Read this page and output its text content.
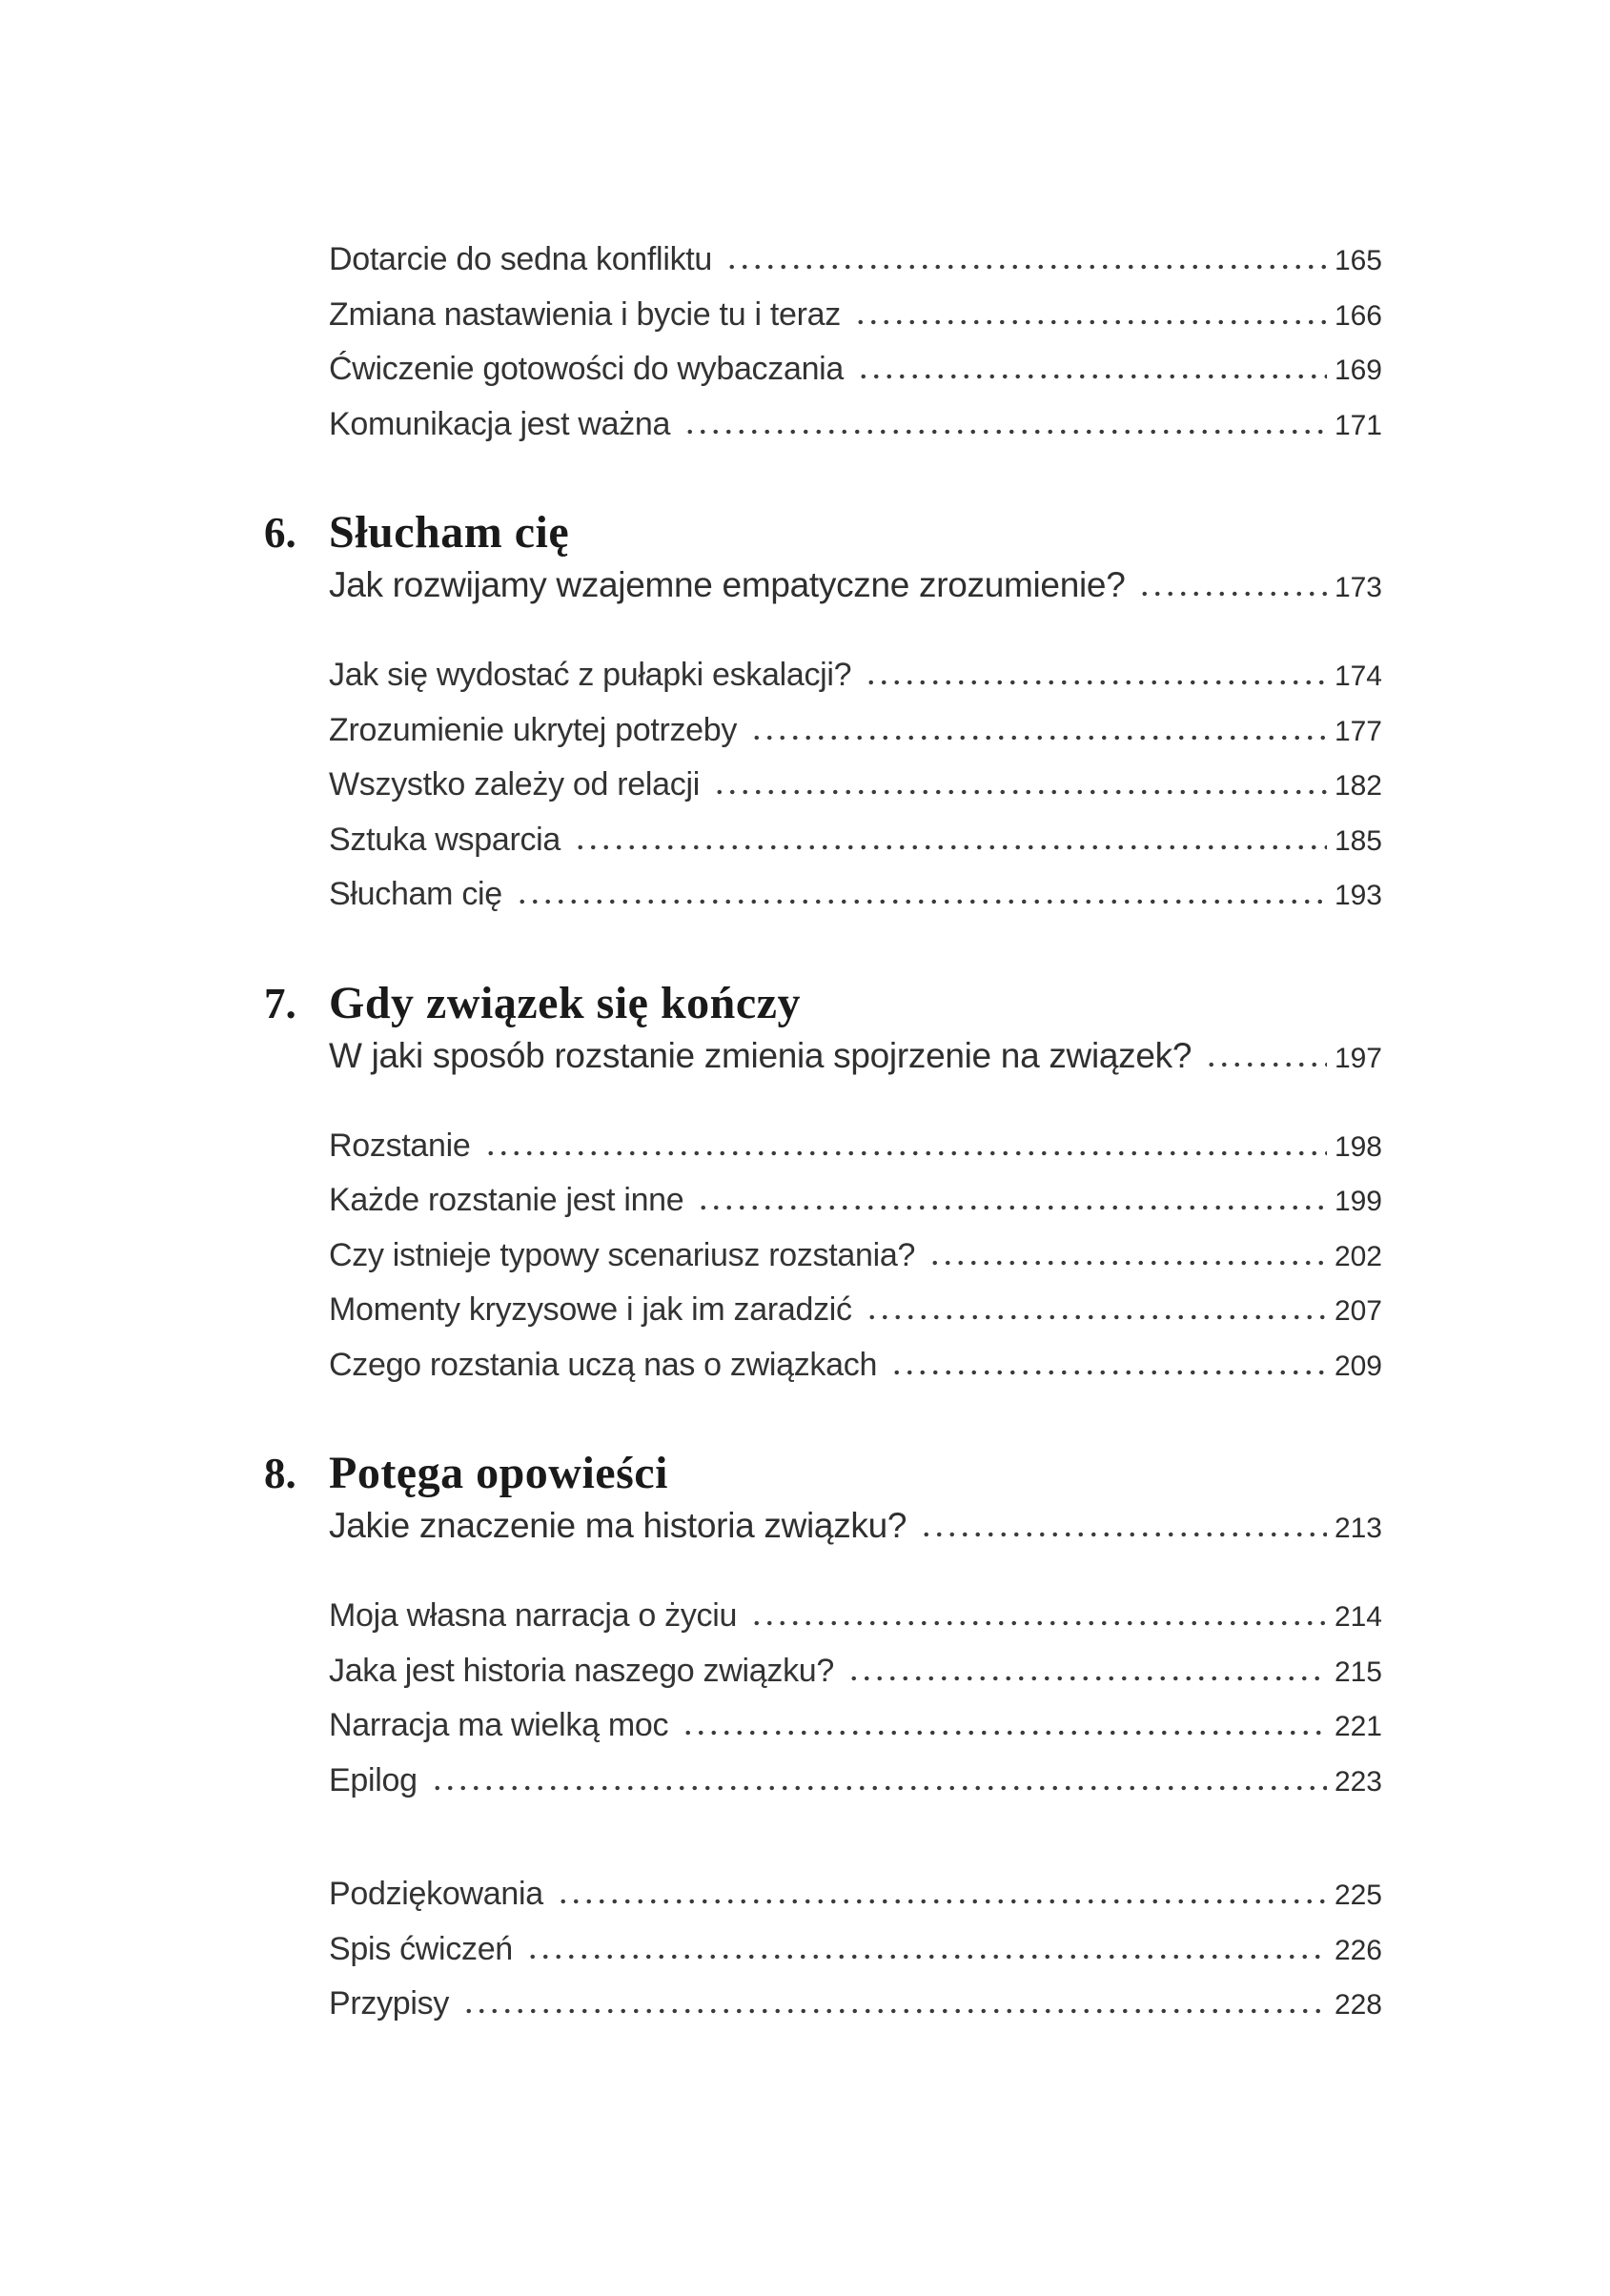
Dotarcie do sedna konfliktu	165
Zmiana nastawienia i bycie tu i teraz	166
Ćwiczenie gotowości do wybaczania	169
Komunikacja jest ważna	171
6. Słucham cię
Jak rozwijamy wzajemne empatyczne zrozumienie?	173
Jak się wydostać z pułapki eskalacji?	174
Zrozumienie ukrytej potrzeby	177
Wszystko zależy od relacji	182
Sztuka wsparcia	185
Słucham cię	193
7. Gdy związek się kończy
W jaki sposób rozstanie zmienia spojrzenie na związek?	197
Rozstanie	198
Każde rozstanie jest inne	199
Czy istnieje typowy scenariusz rozstania?	202
Momenty kryzysowe i jak im zaradzić	207
Czego rozstania uczą nas o związkach	209
8. Potęga opowieści
Jakie znaczenie ma historia związku?	213
Moja własna narracja o życiu	214
Jaka jest historia naszego związku?	215
Narracja ma wielką moc	221
Epilog	223
Podziękowania	225
Spis ćwiczeń	226
Przypisy	228
